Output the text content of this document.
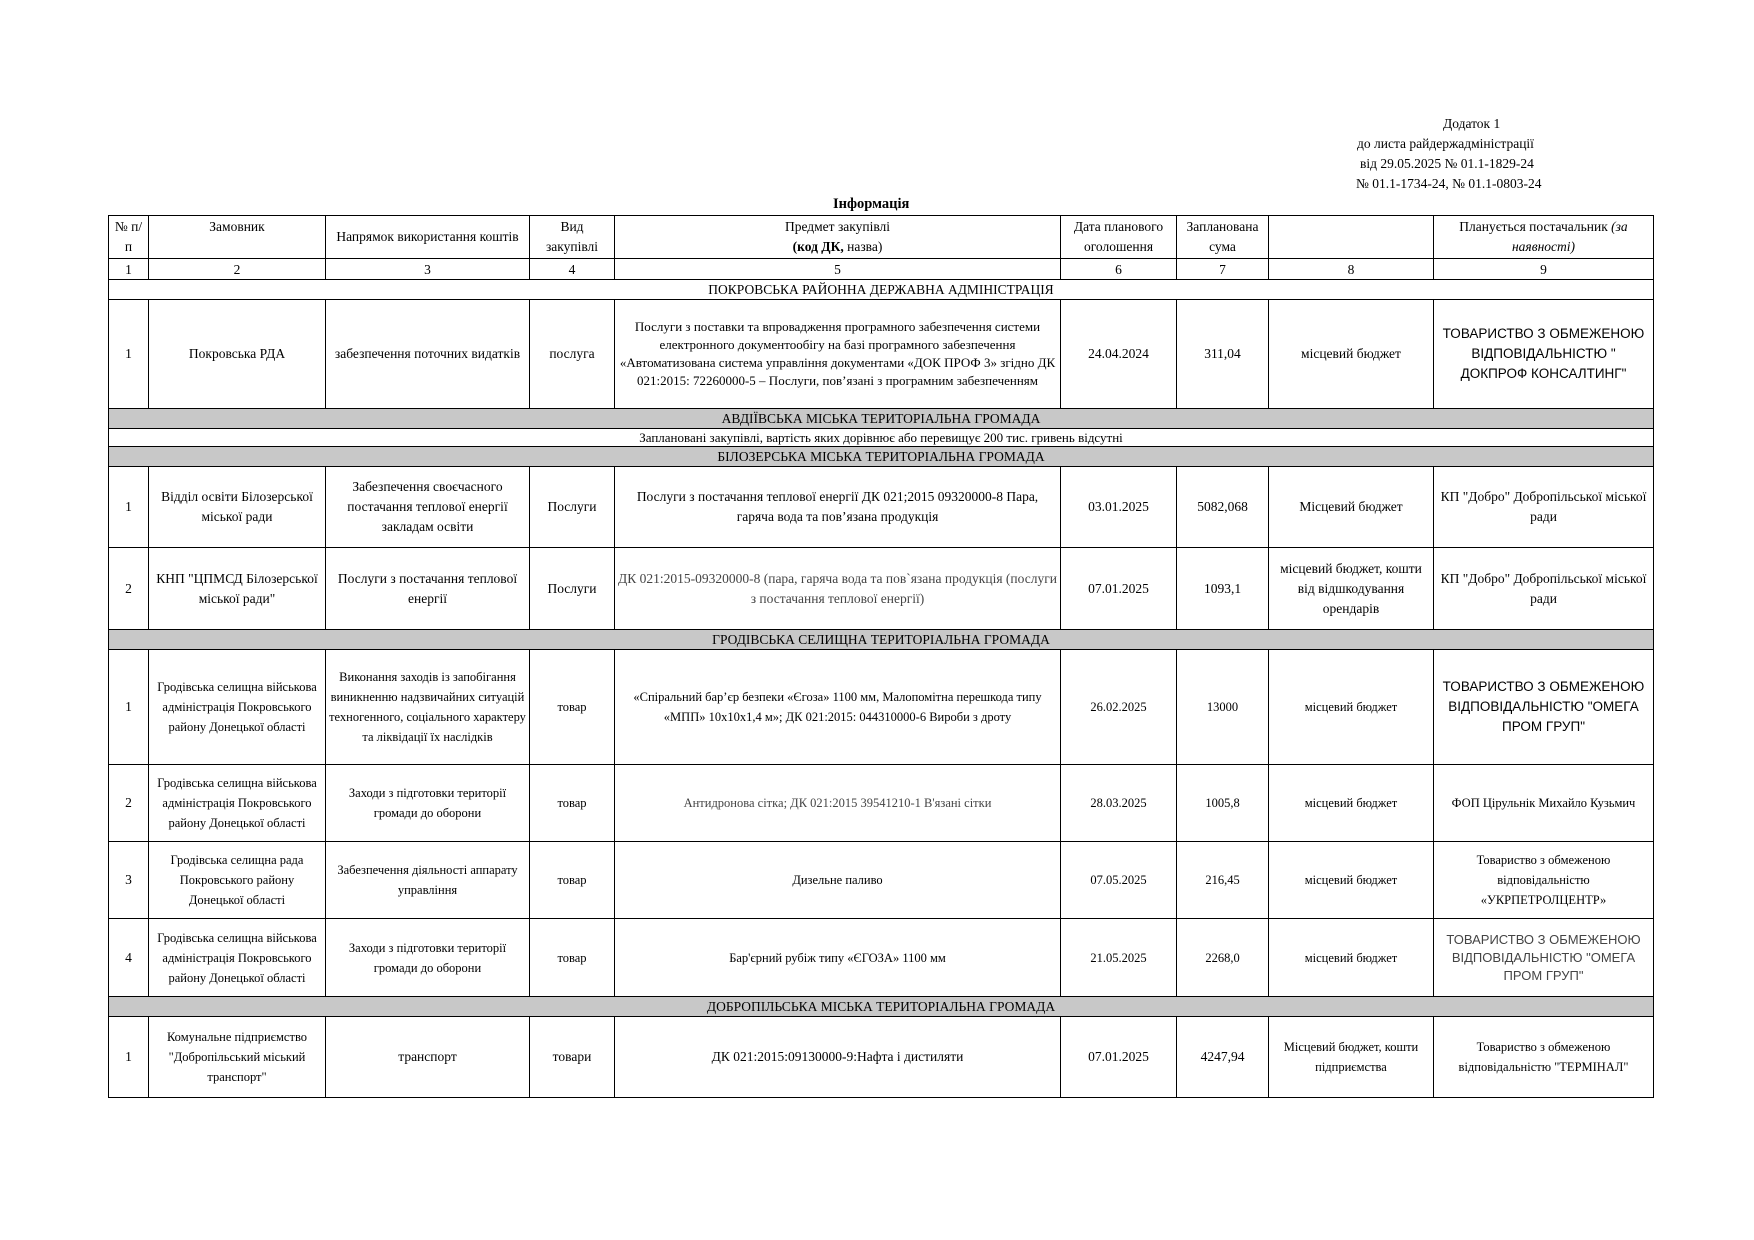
Додаток 1
до листа райдержадміністрації
від 29.05.2025 № 01.1-1829-24
№ 01.1-1734-24, № 01.1-0803-24
Інформація
№ п/п	Замовник	Напрямок використання коштів	Вид закупівлі	Предмет закупівлі
(код ДК, назва)	Дата планового оголошення	Запланована сума		Планується постачальник (за наявності)
1	2	3	4	5	6	7	8	9
ПОКРОВСЬКА РАЙОННА ДЕРЖАВНА АДМІНІСТРАЦІЯ								
1	Покровська РДА	забезпечення поточних видатків	послуга	Послуги з поставки та впровадження програмного забезпечення системи електронного документообігу на базі програмного забезпечення «Автоматизована система управління документами «ДОК ПРОФ 3» згідно ДК 021:2015: 72260000-5 – Послуги, пов’язані з програмним забезпеченням	24.04.2024	311,04	місцевий бюджет	ТОВАРИСТВО З ОБМЕЖЕНОЮ ВІДПОВІДАЛЬНІСТЮ " ДОКПРОФ КОНСАЛТИНГ"
АВДІЇВСЬКА МІСЬКА ТЕРИТОРІАЛЬНА ГРОМАДА								
Заплановані закупівлі, вартість яких дорівнює або перевищує 200 тис. гривень відсутні								
БІЛОЗЕРСЬКА МІСЬКА ТЕРИТОРІАЛЬНА ГРОМАДА								
1	Відділ освіти Білозерської міської ради	Забезпечення своєчасного постачання теплової енергії закладам освіти	Послуги	Послуги з постачання теплової енергії ДК 021;2015 09320000-8 Пара, гаряча вода та пов’язана продукція	03.01.2025	5082,068	Місцевий бюджет	КП "Добро" Добропільської міської ради
2	КНП "ЦПМСД Білозерської міської ради"	Послуги з постачання теплової енергії	Послуги	ДК 021:2015-09320000-8 (пара, гаряча вода та пов`язана продукція (послуги з постачання теплової енергії)	07.01.2025	1093,1	місцевий бюджет, кошти від відшкодування орендарів	КП "Добро" Добропільської міської ради
ГРОДІВСЬКА СЕЛИЩНА ТЕРИТОРІАЛЬНА ГРОМАДА								
1	Гродівська селищна військова адміністрація Покровського району Донецької області	Виконання заходів із запобігання виникненню надзвичайних ситуацій техногенного, соціального характеру та ліквідації їх наслідків	товар	«Спіральний бар’єр безпеки «Єгоза» 1100 мм, Малопомітна перешкода типу «МПП» 10х10х1,4 м»; ДК 021:2015: 044310000-6 Вироби з дроту	26.02.2025	13000	місцевий бюджет	ТОВАРИСТВО З ОБМЕЖЕНОЮ ВІДПОВІДАЛЬНІСТЮ "ОМЕГА ПРОМ ГРУП"
2	Гродівська селищна військова адміністрація Покровського району Донецької області	Заходи з підготовки території громади до оборони	товар	Антидронова сітка; ДК 021:2015 39541210-1 В'язані сітки	28.03.2025	1005,8	місцевий бюджет	ФОП Цірульнік Михайло Кузьмич
3	Гродівська селищна рада Покровського району Донецької області	Забезпечення діяльності аппарату управління	товар	Дизельне паливо	07.05.2025	216,45	місцевий бюджет	Товариство з обмеженою відповідальністю «УКРПЕТРОЛЦЕНТР»
4	Гродівська селищна військова адміністрація Покровського району Донецької області	Заходи з підготовки території громади до оборони	товар	Бар'єрний рубіж типу «ЄГОЗА» 1100 мм	21.05.2025	2268,0	місцевий бюджет	ТОВАРИСТВО З ОБМЕЖЕНОЮ ВІДПОВІДАЛЬНІСТЮ "ОМЕГА ПРОМ ГРУП"
ДОБРОПІЛЬСЬКА МІСЬКА ТЕРИТОРІАЛЬНА ГРОМАДА								
1	Комунальне підприємство "Добропільський міський транспорт"	транспорт	товари	ДК 021:2015:09130000-9:Нафта і дистиляти	07.01.2025	4247,94	Місцевий бюджет, кошти підприємства	Товариство з обмеженою відповідальністю "ТЕРМІНАЛ"
